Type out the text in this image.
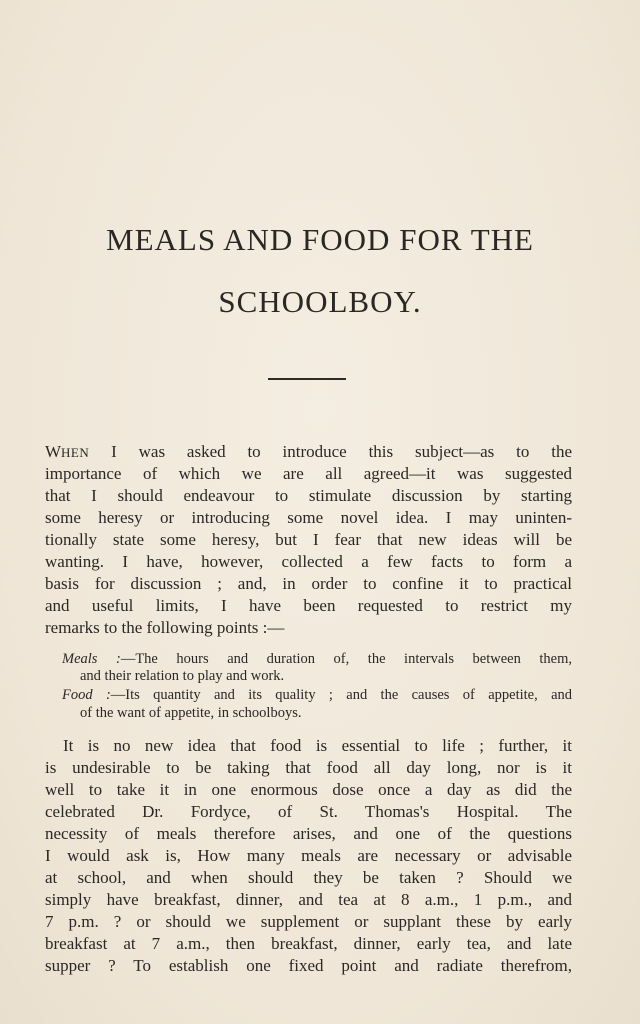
MEALS AND FOOD FOR THE
SCHOOLBOY.
WHEN I was asked to introduce this subject—as to the
importance of which we are all agreed—it was suggested
that I should endeavour to stimulate discussion by starting
some heresy or introducing some novel idea. I may uninten-
tionally state some heresy, but I fear that new ideas will be
wanting. I have, however, collected a few facts to form a
basis for discussion ; and, in order to confine it to practical
and useful limits, I have been requested to restrict my
remarks to the following points :—
Meals :—The hours and duration of, the intervals between them,
and their relation to play and work.
Food :—Its quantity and its quality ; and the causes of appetite, and
of the want of appetite, in schoolboys.
It is no new idea that food is essential to life ; further, it
is undesirable to be taking that food all day long, nor is it
well to take it in one enormous dose once a day as did the
celebrated Dr. Fordyce, of St. Thomas's Hospital. The
necessity of meals therefore arises, and one of the questions
I would ask is, How many meals are necessary or advisable
at school, and when should they be taken ? Should we
simply have breakfast, dinner, and tea at 8 a.m., 1 p.m., and
7 p.m. ? or should we supplement or supplant these by early
breakfast at 7 a.m., then breakfast, dinner, early tea, and late
supper ? To establish one fixed point and radiate therefrom,
